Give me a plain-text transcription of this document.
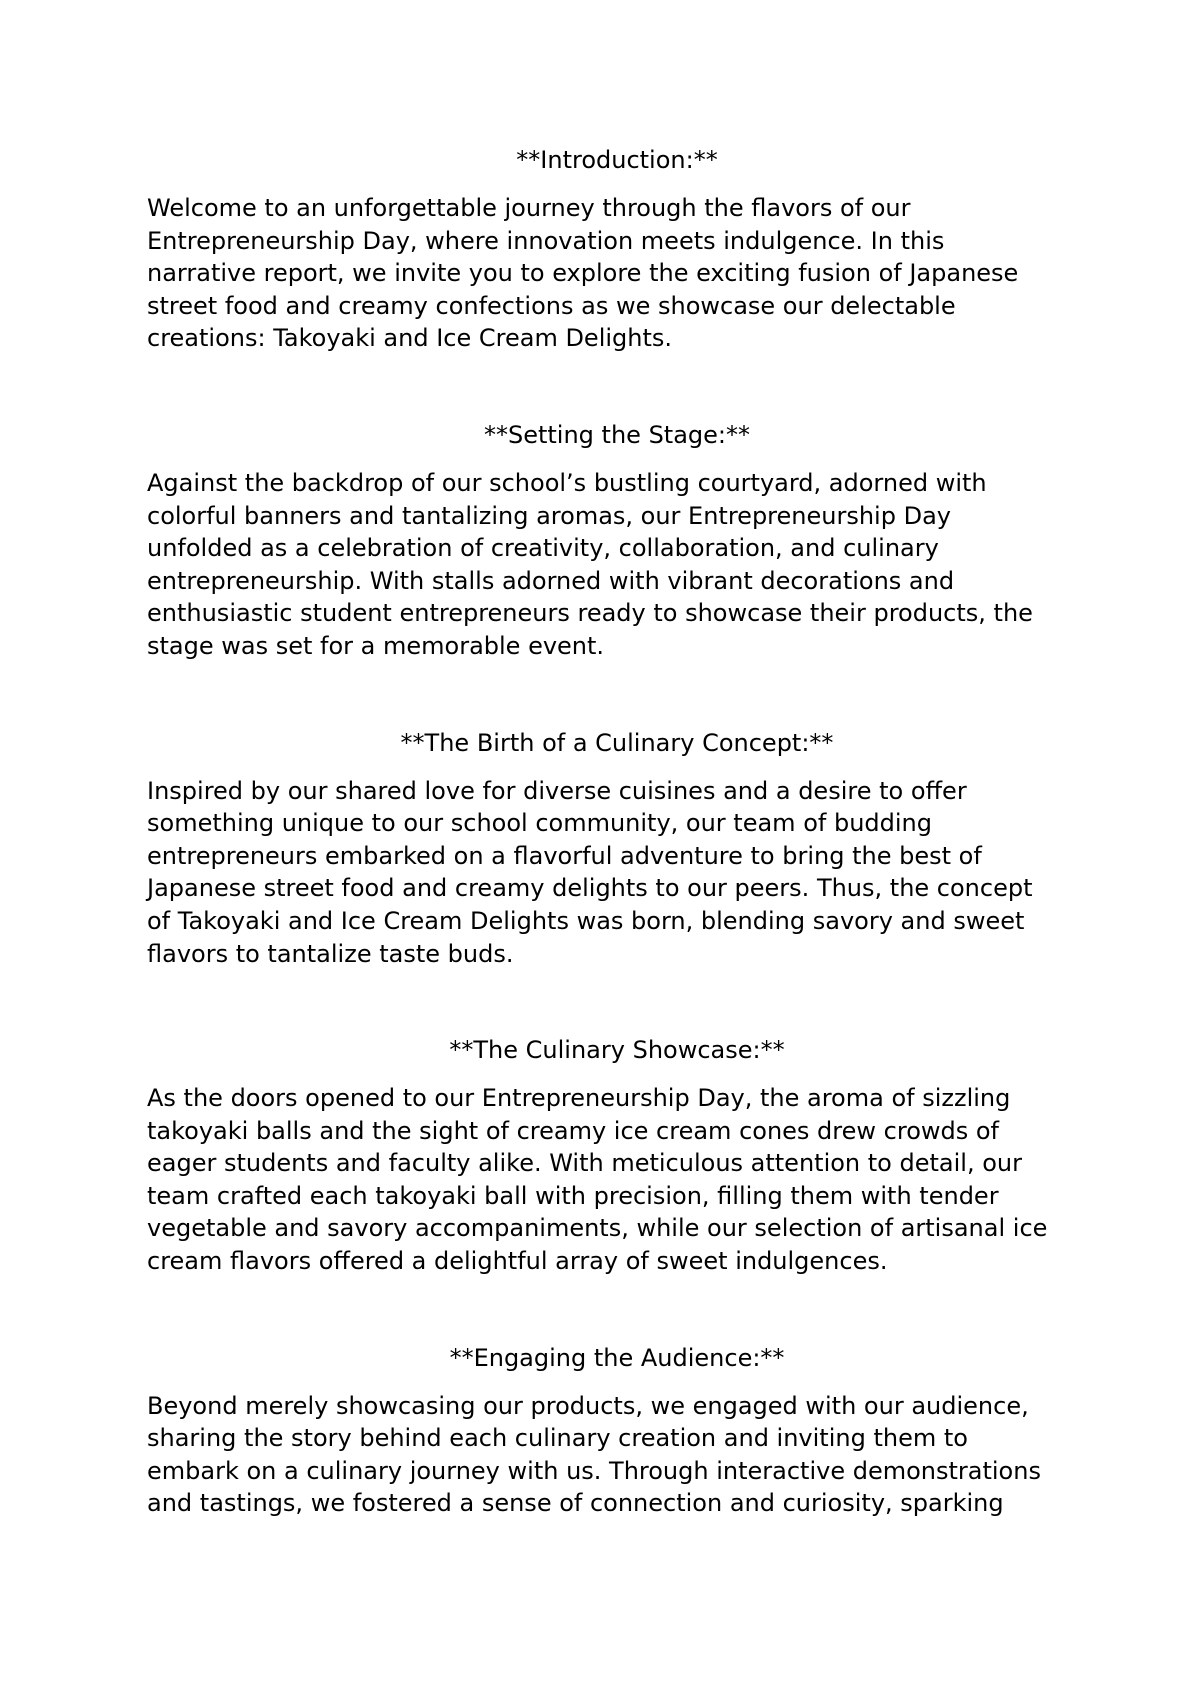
**Introduction:**
Welcome to an unforgettable journey through the flavors of our
Entrepreneurship Day, where innovation meets indulgence. In this
narrative report, we invite you to explore the exciting fusion of Japanese
street food and creamy confections as we showcase our delectable
creations: Takoyaki and Ice Cream Delights.
**Setting the Stage:**
Against the backdrop of our school’s bustling courtyard, adorned with
colorful banners and tantalizing aromas, our Entrepreneurship Day
unfolded as a celebration of creativity, collaboration, and culinary
entrepreneurship. With stalls adorned with vibrant decorations and
enthusiastic student entrepreneurs ready to showcase their products, the
stage was set for a memorable event.
**The Birth of a Culinary Concept:**
Inspired by our shared love for diverse cuisines and a desire to offer
something unique to our school community, our team of budding
entrepreneurs embarked on a flavorful adventure to bring the best of
Japanese street food and creamy delights to our peers. Thus, the concept
of Takoyaki and Ice Cream Delights was born, blending savory and sweet
flavors to tantalize taste buds.
**The Culinary Showcase:**
As the doors opened to our Entrepreneurship Day, the aroma of sizzling
takoyaki balls and the sight of creamy ice cream cones drew crowds of
eager students and faculty alike. With meticulous attention to detail, our
team crafted each takoyaki ball with precision, filling them with tender
vegetable and savory accompaniments, while our selection of artisanal ice
cream flavors offered a delightful array of sweet indulgences.
**Engaging the Audience:**
Beyond merely showcasing our products, we engaged with our audience,
sharing the story behind each culinary creation and inviting them to
embark on a culinary journey with us. Through interactive demonstrations
and tastings, we fostered a sense of connection and curiosity, sparking
